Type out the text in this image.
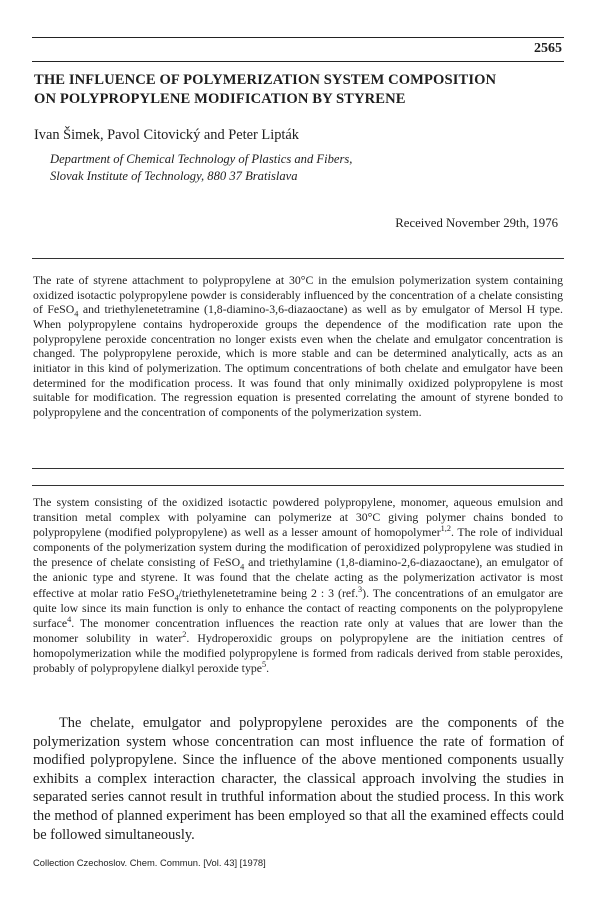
2565
THE INFLUENCE OF POLYMERIZATION SYSTEM COMPOSITION
ON POLYPROPYLENE MODIFICATION BY STYRENE

Ivan Šimek, Pavol Citovický and Peter Lipták

Department of Chemical Technology of Plastics and Fibers,
Slovak Institute of Technology, 880 37 Bratislava

Received November 29th, 1976

The rate of styrene attachment to polypropylene at 30°C in the emulsion polymerization system containing oxidized isotactic polypropylene powder is considerably influenced by the concentration of a chelate consisting of FeSO$_4$ and triethylenetetramine (1,8-diamino-3,6-diazaoctane) as well as by emulgator of Mersol H type. When polypropylene contains hydroperoxide groups the dependence of the modification rate upon the polypropylene peroxide concentration no longer exists even when the chelate and emulgator concentration is changed. The polypropylene peroxide, which is more stable and can be determined analytically, acts as an initiator in this kind of polymerization. The optimum concentrations of both chelate and emulgator have been determined for the modification process. It was found that only minimally oxidized polypropylene is most suitable for modification. The regression equation is presented correlating the amount of styrene bonded to polypropylene and the concentration of components of the polymerization system.

The system consisting of the oxidized isotactic powdered polypropylene, monomer, aqueous emulsion and transition metal complex with polyamine can polymerize at 30°C giving polymer chains bonded to polypropylene (modified polypropylene) as well as a lesser amount of homopolymer$^{1,2}$. The role of individual components of the polymerization system during the modification of peroxidized polypropylene was studied in the presence of chelate consisting of FeSO$_4$ and triethylamine (1,8-diamino-2,6-diazaoctane), an emulgator of the anionic type and styrene. It was found that the chelate acting as the polymerization activator is most effective at molar ratio FeSO$_4$/triethylenetetramine being 2 : 3 (ref.$^3$). The concentrations of an emulgator are quite low since its main function is only to enhance the contact of reacting components on the polypropylene surface$^4$. The monomer concentration influences the reaction rate only at values that are lower than the monomer solubility in water$^2$. Hydroperoxidic groups on polypropylene are the initiation centres of homopolymerization while the modified polypropylene is formed from radicals derived from stable peroxides, probably of polypropylene dialkyl peroxide type$^5$.

The chelate, emulgator and polypropylene peroxides are the components of the polymerization system whose concentration can most influence the rate of formation of modified polypropylene. Since the influence of the above mentioned components usually exhibits a complex interaction character, the classical approach involving the studies in separated series cannot result in truthful information about the studied process. In this work the method of planned experiment has been employed so that all the examined effects could be followed simultaneously.

Collection Czechoslov. Chem. Commun. [Vol. 43] [1978]
